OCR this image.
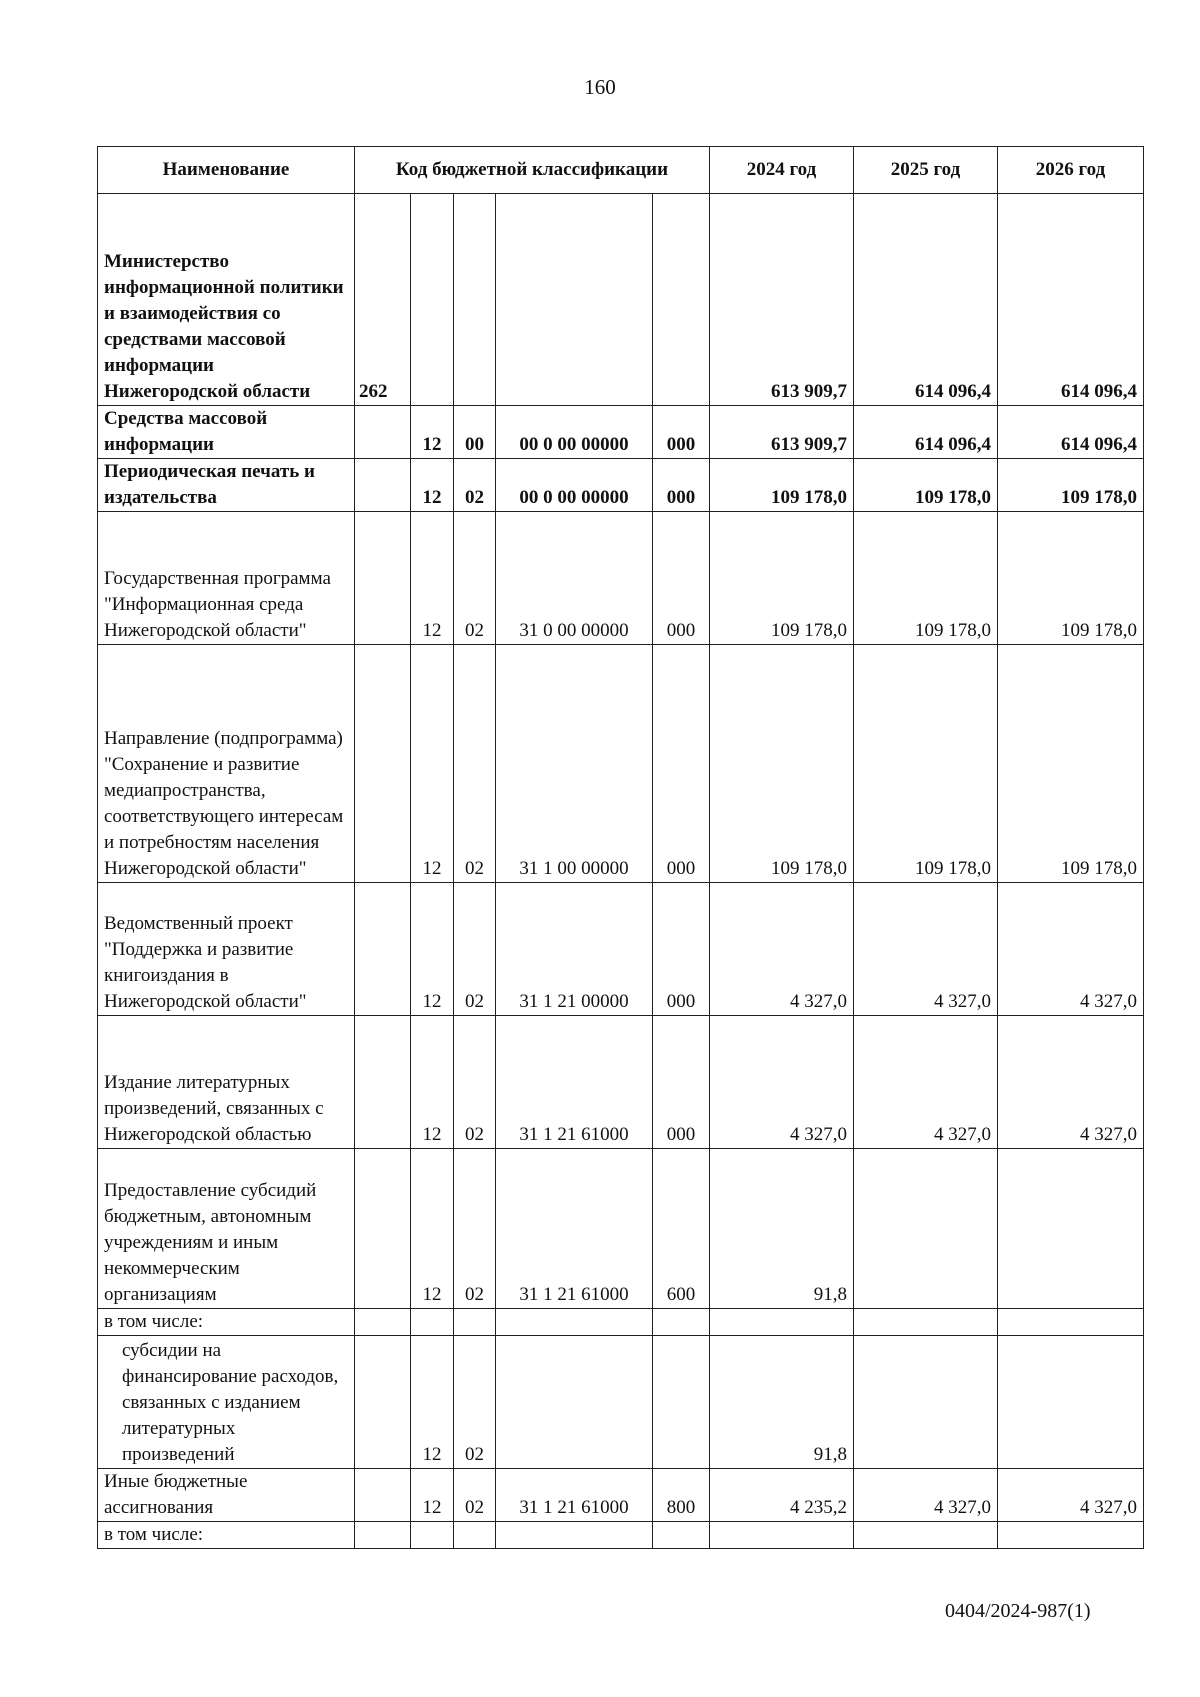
160
Наименование	Код бюджетной классификации					2024 год	2025 год	2026 год
Министерство информационной политики и взаимодействия со средствами массовой информации Нижегородской области	262					613 909,7	614 096,4	614 096,4
Средства массовой информации		12	00	00 0 00 00000	000	613 909,7	614 096,4	614 096,4
Периодическая печать и издательства		12	02	00 0 00 00000	000	109 178,0	109 178,0	109 178,0
Государственная программа "Информационная среда Нижегородской области"		12	02	31 0 00 00000	000	109 178,0	109 178,0	109 178,0
Направление (подпрограмма) "Сохранение и развитие медиапространства, соответствующего интересам и потребностям населения Нижегородской области"		12	02	31 1 00 00000	000	109 178,0	109 178,0	109 178,0
Ведомственный проект "Поддержка и развитие книгоиздания в Нижегородской области"		12	02	31 1 21 00000	000	4 327,0	4 327,0	4 327,0
Издание литературных произведений, связанных с Нижегородской областью		12	02	31 1 21 61000	000	4 327,0	4 327,0	4 327,0
Предоставление субсидий бюджетным, автономным учреждениям и иным некоммерческим организациям		12	02	31 1 21 61000	600	91,8		
в том числе:								
субсидии на финансирование расходов, связанных с изданием литературных произведений		12	02			91,8		
Иные бюджетные ассигнования		12	02	31 1 21 61000	800	4 235,2	4 327,0	4 327,0
в том числе:								
0404/2024-987(1)
